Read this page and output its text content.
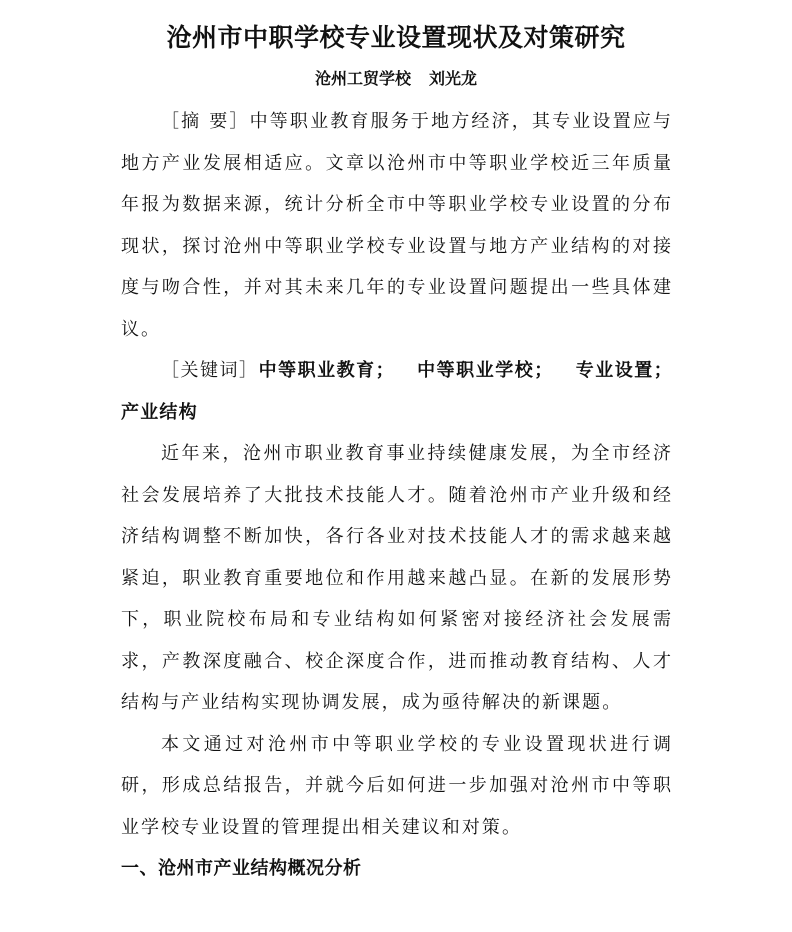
沧州市中职学校专业设置现状及对策研究
沧州工贸学校 刘光龙

［摘 要］中等职业教育服务于地方经济，其专业设置应与地方产业发展相适应。文章以沧州市中等职业学校近三年质量年报为数据来源，统计分析全市中等职业学校专业设置的分布现状，探讨沧州中等职业学校专业设置与地方产业结构的对接度与吻合性，并对其未来几年的专业设置问题提出一些具体建议。

［关键词］中等职业教育； 中等职业学校； 专业设置；产业结构

近年来，沧州市职业教育事业持续健康发展，为全市经济社会发展培养了大批技术技能人才。随着沧州市产业升级和经济结构调整不断加快，各行各业对技术技能人才的需求越来越紧迫，职业教育重要地位和作用越来越凸显。在新的发展形势下，职业院校布局和专业结构如何紧密对接经济社会发展需求，产教深度融合、校企深度合作，进而推动教育结构、人才结构与产业结构实现协调发展，成为亟待解决的新课题。

本文通过对沧州市中等职业学校的专业设置现状进行调研，形成总结报告，并就今后如何进一步加强对沧州市中等职业学校专业设置的管理提出相关建议和对策。

一、沧州市产业结构概况分析
